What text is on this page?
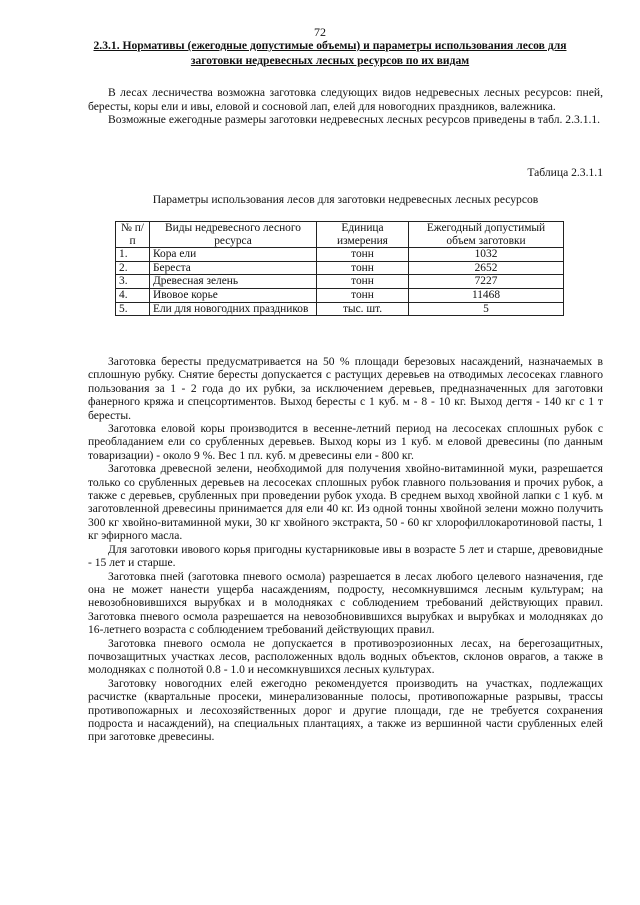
72
2.3.1. Нормативы (ежегодные допустимые объемы) и параметры использования лесов для заготовки недревесных лесных ресурсов по их видам

В лесах лесничества возможна заготовка следующих видов недревесных лесных ресурсов: пней, бересты, коры ели и ивы, еловой и сосновой лап, елей для новогодних праздников, валежника.

Возможные ежегодные размеры заготовки недревесных лесных ресурсов приведены в табл. 2.3.1.1.

Таблица 2.3.1.1
Параметры использования лесов для заготовки недревесных лесных ресурсов
№ п/п	Виды недревесного лесного ресурса	Единица измерения	Ежегодный допустимый объем заготовки
1.	Кора ели	тонн	1032
2.	Береста	тонн	2652
3.	Древесная зелень	тонн	7227
4.	Ивовое корье	тонн	11468
5.	Ели для новогодних праздников	тыс. шт.	5

Заготовка бересты предусматривается на 50 % площади березовых насаждений, назначаемых в сплошную рубку. Снятие бересты допускается с растущих деревьев на отводимых лесосеках главного пользования за 1 - 2 года до их рубки, за исключением деревьев, предназначенных для заготовки фанерного кряжа и спецсортиментов. Выход бересты с 1 куб. м - 8 - 10 кг. Выход дегтя - 140 кг с 1 т бересты.

Заготовка еловой коры производится в весенне-летний период на лесосеках сплошных рубок с преобладанием ели со срубленных деревьев. Выход коры из 1 куб. м еловой древесины (по данным товаризации) - около 9 %. Вес 1 пл. куб. м древесины ели - 800 кг.

Заготовка древесной зелени, необходимой для получения хвойно-витаминной муки, разрешается только со срубленных деревьев на лесосеках сплошных рубок главного пользования и прочих рубок, а также с деревьев, срубленных при проведении рубок ухода. В среднем выход хвойной лапки с 1 куб. м заготовленной древесины принимается для ели 40 кг. Из одной тонны хвойной зелени можно получить 300 кг хвойно-витаминной муки, 30 кг хвойного экстракта, 50 - 60 кг хлорофиллокаротиновой пасты, 1 кг эфирного масла.

Для заготовки ивового корья пригодны кустарниковые ивы в возрасте 5 лет и старше, древовидные - 15 лет и старше.

Заготовка пней (заготовка пневого осмола) разрешается в лесах любого целевого назначения, где она не может нанести ущерба насаждениям, подросту, несомкнувшимся лесным культурам; на невозобновившихся вырубках и в молодняках с соблюдением требований действующих правил. Заготовка пневого осмола разрешается на невозобновившихся вырубках и вырубках и молодняках до 16-летнего возраста с соблюдением требований действующих правил.

Заготовка пневого осмола не допускается в противоэрозионных лесах, на берегозащитных, почвозащитных участках лесов, расположенных вдоль водных объектов, склонов оврагов, а также в молодняках с полнотой 0.8 - 1.0 и несомкнувшихся лесных культурах.

Заготовку новогодних елей ежегодно рекомендуется производить на участках, подлежащих расчистке (квартальные просеки, минерализованные полосы, противопожарные разрывы, трассы противопожарных и лесохозяйственных дорог и другие площади, где не требуется сохранения подроста и насаждений), на специальных плантациях, а также из вершинной части срубленных елей при заготовке древесины.
